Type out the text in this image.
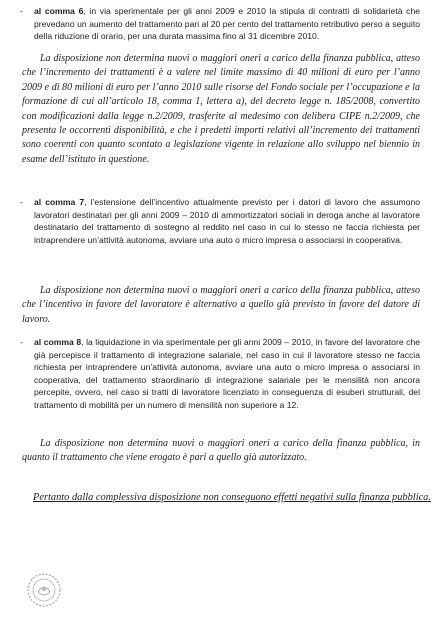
- al comma 6, in via sperimentale per gli anni 2009 e 2010 la stipula di contratti di solidarietà che prevedano un aumento del trattamento pari al 20 per cento del trattamento retributivo perso a seguito della riduzione di orario, per una durata massima fino al 31 dicembre 2010.

La disposizione non determina nuovi o maggiori oneri a carico della finanza pubblica, atteso che l’incremento dei trattamenti è a valere nel limite massimo di 40 milioni di euro per l’anno 2009 e di 80 milioni di euro per l’anno 2010 sulle risorse del Fondo sociale per l’occupazione e la formazione di cui all’articolo 18, comma 1, lettera a), del decreto legge n. 185/2008, convertito con modificazioni dalla legge n.2/2009, trasferite al medesimo con delibera CIPE n.2/2009, che presenta le occorrenti disponibilità, e che i predetti importi relativi all’incremento dei trattamenti sono coerenti con quanto scontato a legislazione vigente in relazione allo sviluppo nel biennio in esame dell’istituto in questione.

- al comma 7, l’estensione dell’incentivo attualmente previsto per i datori di lavoro che assumono lavoratori destinatari per gli anni 2009 – 2010 di ammortizzatori sociali in deroga anche al lavoratore destinatario del trattamento di sostegno al reddito nel caso in cui lo stesso ne faccia richiesta per intraprendere un’attività autonoma, avviare una auto o micro impresa o associarsi in cooperativa.

La disposizione non determina nuovi o maggiori oneri a carico della finanza pubblica, atteso che l’incentivo in favore del lavoratore è alternativo a quello già previsto in favore del datore di lavoro.

- al comma 8, la liquidazione in via sperimentale per gli anni 2009 – 2010, in favore del lavoratore che già percepisce il trattamento di integrazione salariale, nel caso in cui il lavoratore stesso ne faccia richiesta per intraprendere un’attività autonoma, avviare una auto o micro impresa o associarsi in cooperativa, del trattamento straordinario di integrazione salariale per le mensilità non ancora percepite, ovvero, nel caso si tratti di lavoratore licenziato in conseguenza di esuberi strutturali, del trattamento di mobilità per un numero di mensilità non superiore a 12.

La disposizione non determina nuovi o maggiori oneri a carico della finanza pubblica, in quanto il trattamento che viene erogato è pari a quello già autorizzato.

Pertanto dalla complessiva disposizione non conseguono effetti negativi sulla finanza pubblica.
